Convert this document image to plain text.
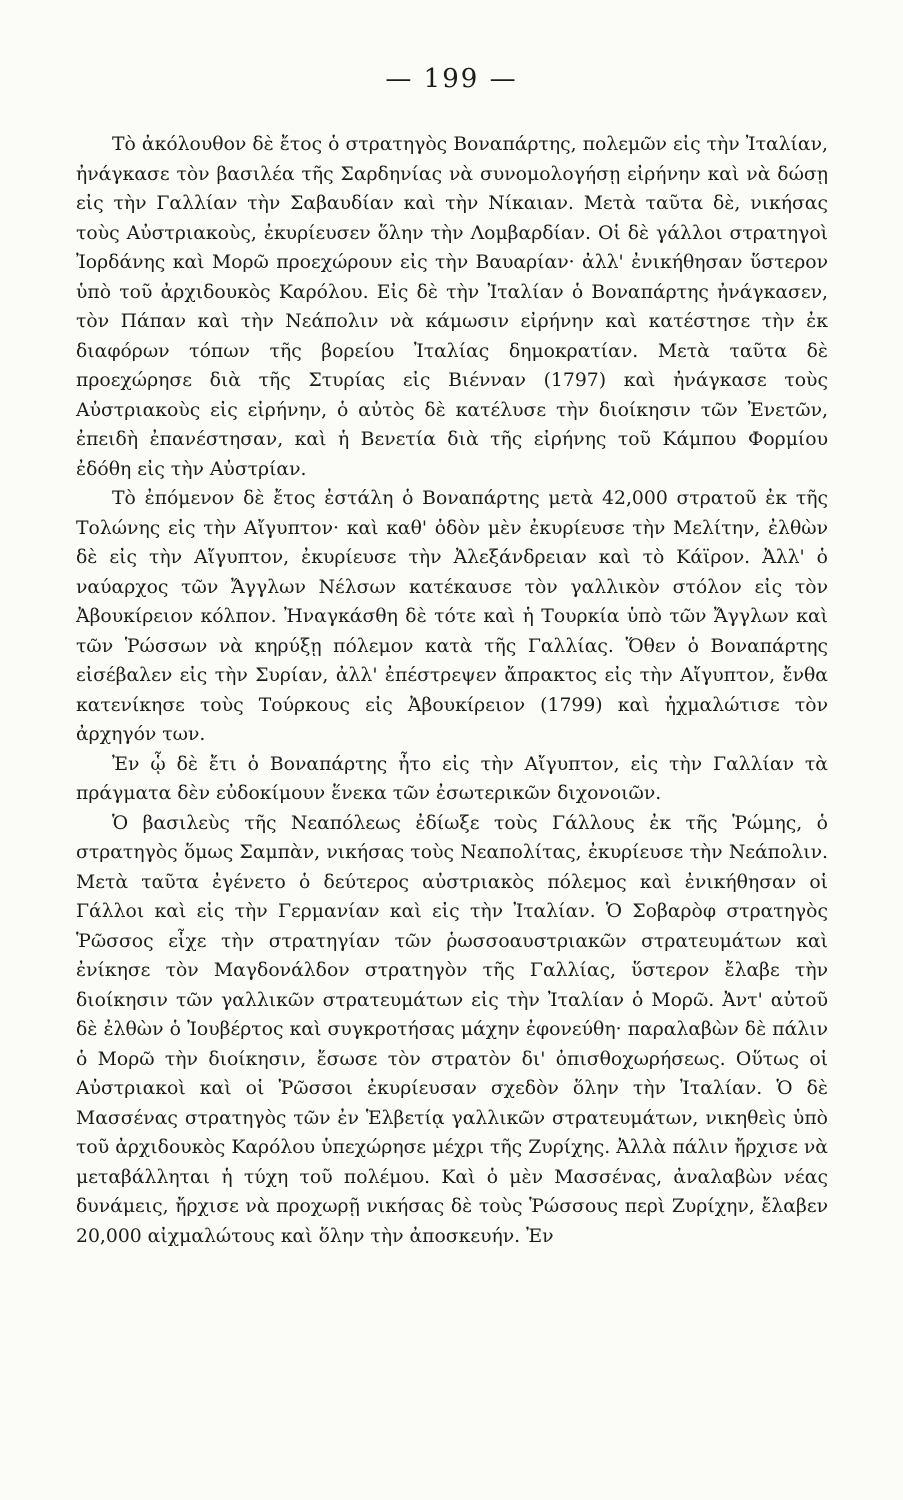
— 199 —

Τὸ ἀκόλουθον δὲ ἔτος ὁ στρατηγὸς Βοναπάρτης, πολεμῶν εἰς τὴν Ἰταλίαν, ἠνάγκασε τὸν βασιλέα τῆς Σαρδηνίας νὰ συνομολογήσῃ εἰρήνην καὶ νὰ δώσῃ εἰς τὴν Γαλλίαν τὴν Σαβαυδίαν καὶ τὴν Νίκαιαν. Μετὰ ταῦτα δὲ, νικήσας τοὺς Αὐστριακοὺς, ἐκυρίευσεν ὅλην τὴν Λομβαρδίαν. Οἱ δὲ γάλλοι στρατηγοὶ Ἰορδάνης καὶ Μορῶ προεχώρουν εἰς τὴν Βαυαρίαν· ἀλλ' ἐνικήθησαν ὕστερον ὑπὸ τοῦ ἀρχιδουκὸς Καρόλου. Εἰς δὲ τὴν Ἰταλίαν ὁ Βοναπάρτης ἠνάγκασεν, τὸν Πάπαν καὶ τὴν Νεάπολιν νὰ κάμωσιν εἰρήνην καὶ κατέστησε τὴν ἐκ διαφόρων τόπων τῆς βορείου Ἰταλίας δημοκρατίαν. Μετὰ ταῦτα δὲ προεχώρησε διὰ τῆς Στυρίας εἰς Βιένναν (1797) καὶ ἠνάγκασε τοὺς Αὐστριακοὺς εἰς εἰρήνην, ὁ αὐτὸς δὲ κατέλυσε τὴν διοίκησιν τῶν Ἐνετῶν, ἐπειδὴ ἐπανέστησαν, καὶ ἡ Βενετία διὰ τῆς εἰρήνης τοῦ Κάμπου Φορμίου ἐδόθη εἰς τὴν Αὐστρίαν.

Τὸ ἐπόμενον δὲ ἔτος ἐστάλη ὁ Βοναπάρτης μετὰ 42,000 στρατοῦ ἐκ τῆς Τολώνης εἰς τὴν Αἴγυπτον· καὶ καθ' ὁδὸν μὲν ἐκυρίευσε τὴν Μελίτην, ἐλθὼν δὲ εἰς τὴν Αἴγυπτον, ἐκυρίευσε τὴν Ἀλεξάνδρειαν καὶ τὸ Κάϊρον. Ἀλλ' ὁ ναύαρχος τῶν Ἄγγλων Νέλσων κατέκαυσε τὸν γαλλικὸν στόλον εἰς τὸν Ἀβουκίρειον κόλπον. Ἠναγκάσθη δὲ τότε καὶ ἡ Τουρκία ὑπὸ τῶν Ἄγγλων καὶ τῶν Ῥώσσων νὰ κηρύξῃ πόλεμον κατὰ τῆς Γαλλίας. Ὅθεν ὁ Βοναπάρτης εἰσέβαλεν εἰς τὴν Συρίαν, ἀλλ' ἐπέστρεψεν ἄπρακτος εἰς τὴν Αἴγυπτον, ἔνθα κατενίκησε τοὺς Τούρκους εἰς Ἀβουκίρειον (1799) καὶ ἠχμαλώτισε τὸν ἀρχηγόν των.

Ἐν ᾧ δὲ ἔτι ὁ Βοναπάρτης ἦτο εἰς τὴν Αἴγυπτον, εἰς τὴν Γαλλίαν τὰ πράγματα δὲν εὐδοκίμουν ἕνεκα τῶν ἐσωτερικῶν διχονοιῶν.

Ὁ βασιλεὺς τῆς Νεαπόλεως ἐδίωξε τοὺς Γάλλους ἐκ τῆς Ῥώμης, ὁ στρατηγὸς ὅμως Σαμπὰν, νικήσας τοὺς Νεαπολίτας, ἐκυρίευσε τὴν Νεάπολιν. Μετὰ ταῦτα ἐγένετο ὁ δεύτερος αὐστριακὸς πόλεμος καὶ ἐνικήθησαν οἱ Γάλλοι καὶ εἰς τὴν Γερμανίαν καὶ εἰς τὴν Ἰταλίαν. Ὁ Σοβαρὸφ στρατηγὸς Ῥῶσσος εἶχε τὴν στρατηγίαν τῶν ῥωσσοαυστριακῶν στρατευμάτων καὶ ἐνίκησε τὸν Μαγδονάλδον στρατηγὸν τῆς Γαλλίας, ὕστερον ἔλαβε τὴν διοίκησιν τῶν γαλλικῶν στρατευμάτων εἰς τὴν Ἰταλίαν ὁ Μορῶ. Ἀντ' αὐτοῦ δὲ ἐλθὼν ὁ Ἰουβέρτος καὶ συγκροτήσας μάχην ἐφονεύθη· παραλαβὼν δὲ πάλιν ὁ Μορῶ τὴν διοίκησιν, ἔσωσε τὸν στρατὸν δι' ὀπισθοχωρήσεως. Οὕτως οἱ Αὐστριακοὶ καὶ οἱ Ῥῶσσοι ἐκυρίευσαν σχεδὸν ὅλην τὴν Ἰταλίαν. Ὁ δὲ Μασσένας στρατηγὸς τῶν ἐν Ἑλβετίᾳ γαλλικῶν στρατευμάτων, νικηθεὶς ὑπὸ τοῦ ἀρχιδουκὸς Καρόλου ὑπεχώρησε μέχρι τῆς Ζυρίχης. Ἀλλὰ πάλιν ἤρχισε νὰ μεταβάλληται ἡ τύχη τοῦ πολέμου. Καὶ ὁ μὲν Μασσένας, ἀναλαβὼν νέας δυνάμεις, ἤρχισε νὰ προχωρῇ νικήσας δὲ τοὺς Ῥώσσους περὶ Ζυρίχην, ἔλαβεν 20,000 αἰχμαλώτους καὶ ὅλην τὴν ἀποσκευήν. Ἐν
